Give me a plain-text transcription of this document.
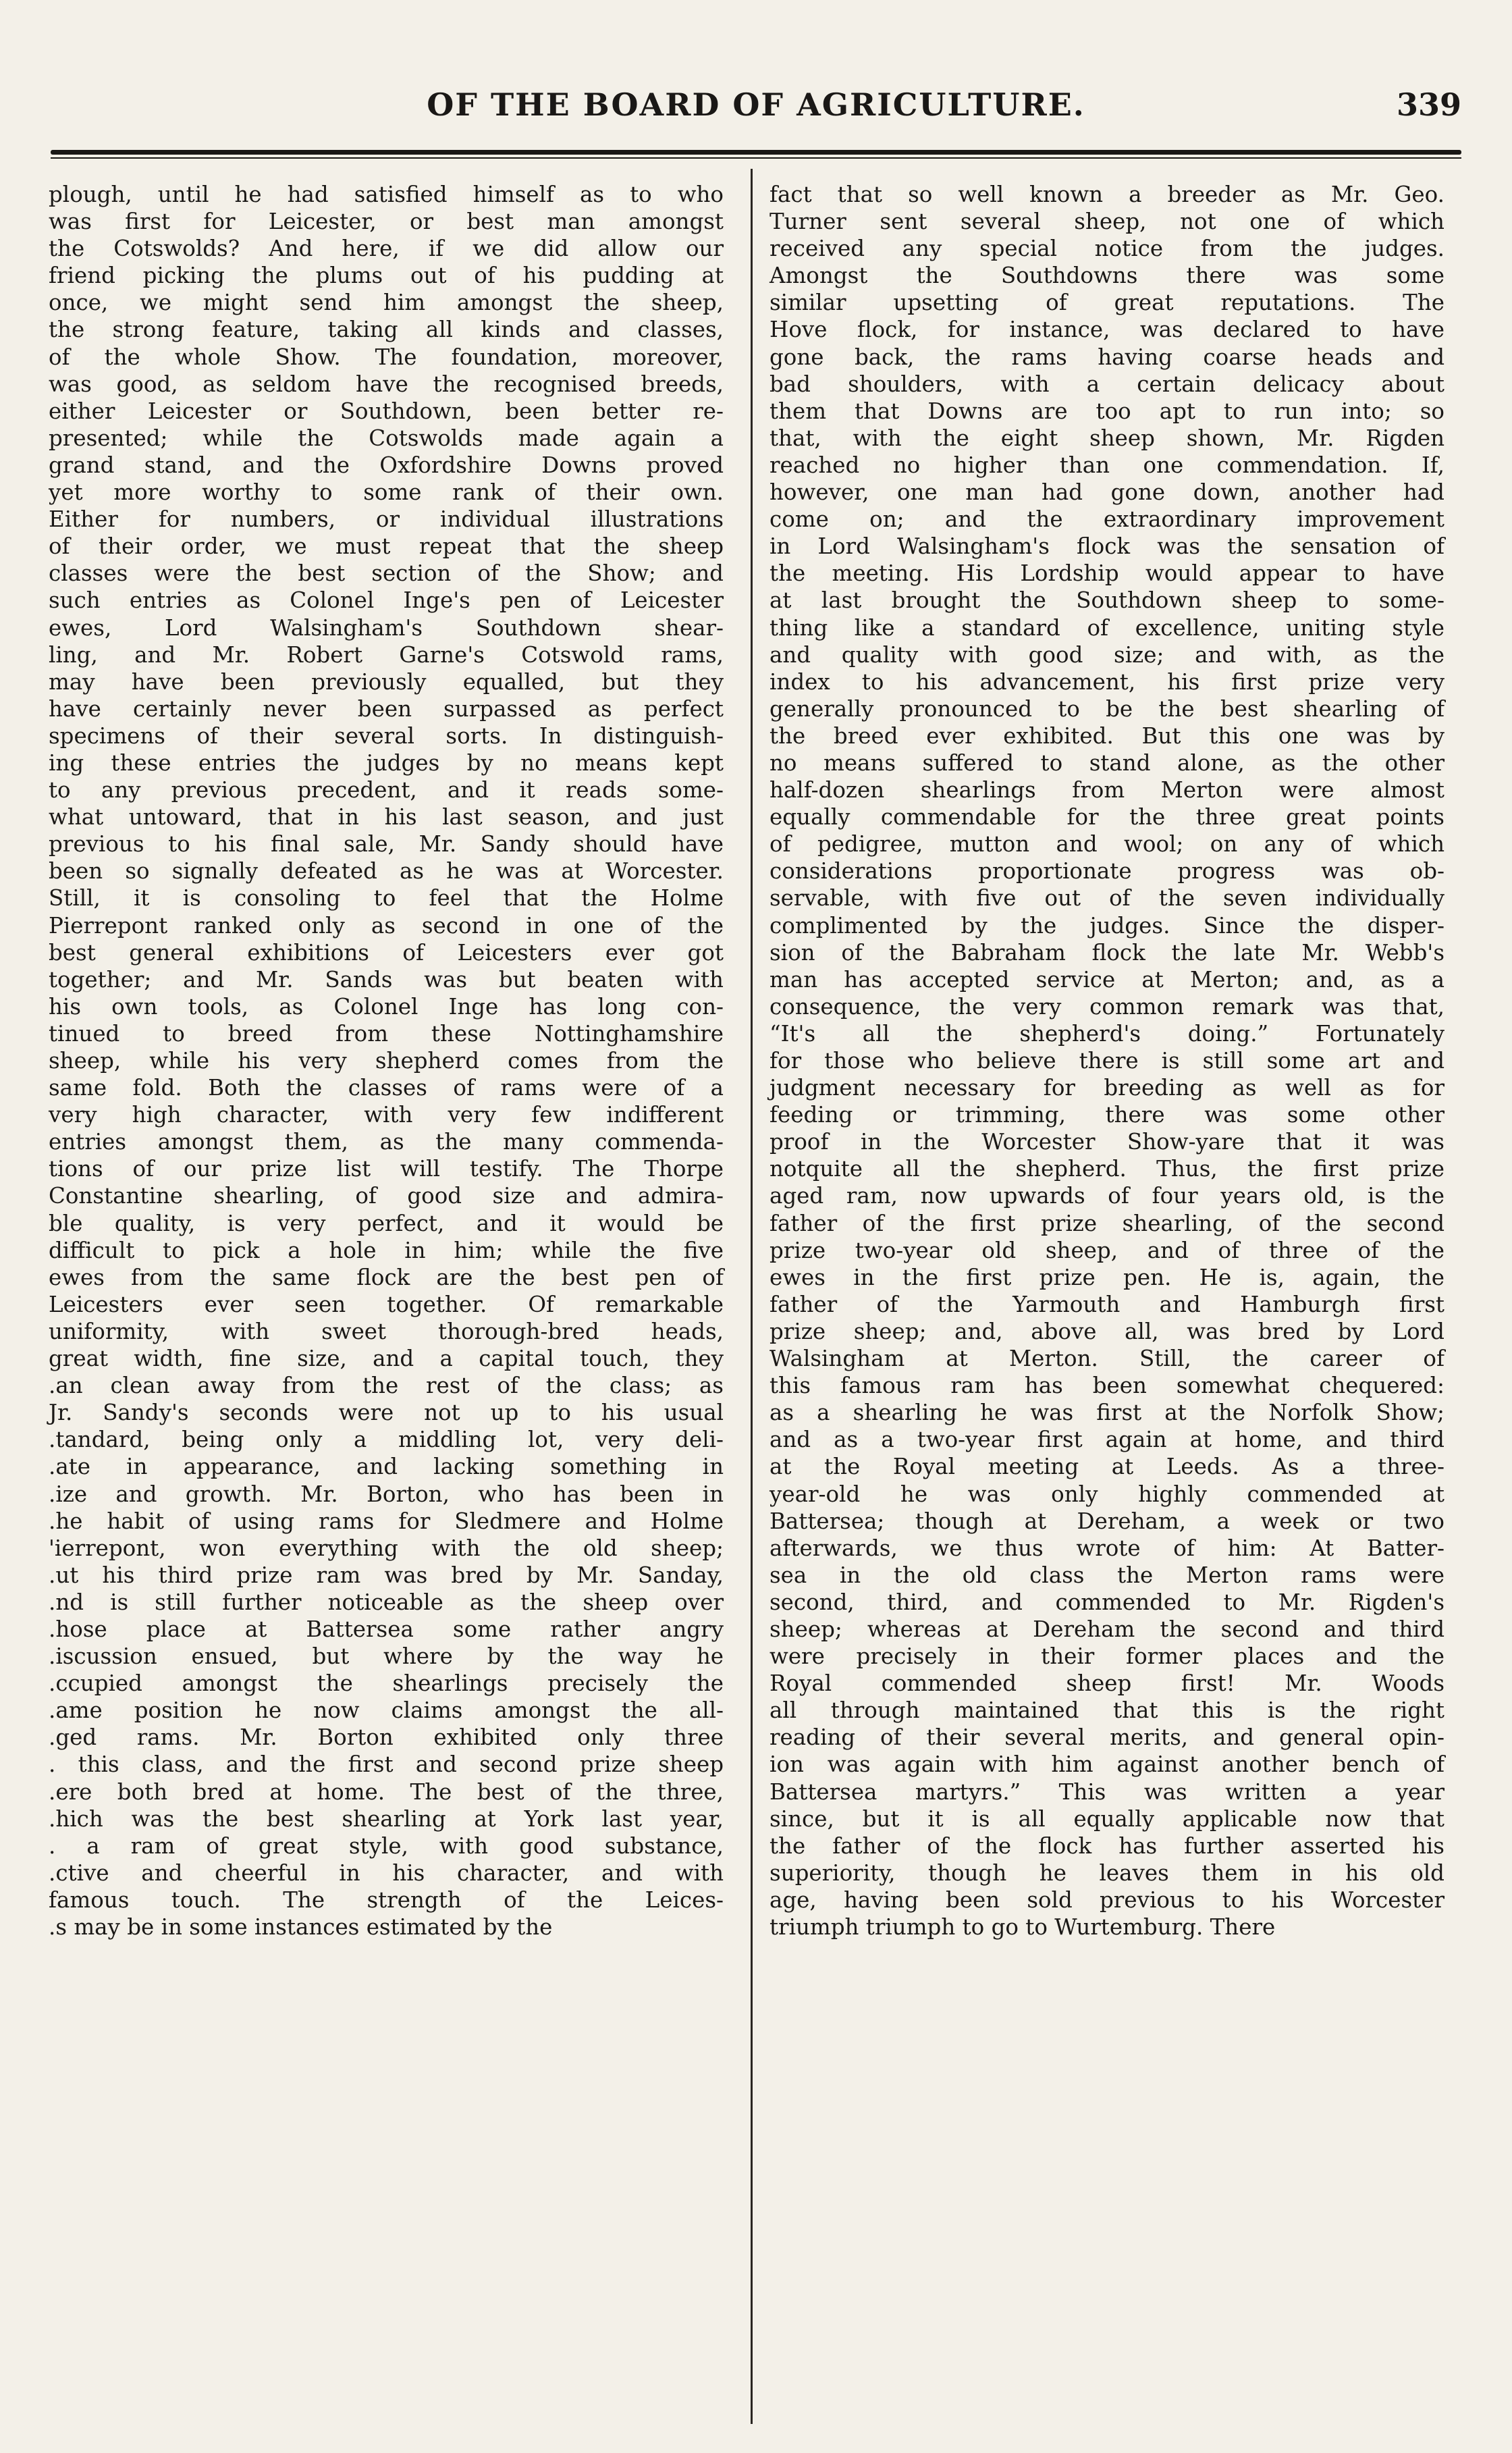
OF THE BOARD OF AGRICULTURE.	339
plough, until he had satisfied himself as to who
was first for Leicester, or best man amongst
the Cotswolds? And here, if we did allow our
friend picking the plums out of his pudding at
once, we might send him amongst the sheep,
the strong feature, taking all kinds and classes,
of the whole Show. The foundation, moreover,
was good, as seldom have the recognised breeds,
either Leicester or Southdown, been better re-
presented; while the Cotswolds made again a
grand stand, and the Oxfordshire Downs proved
yet more worthy to some rank of their own.
Either for numbers, or individual illustrations
of their order, we must repeat that the sheep
classes were the best section of the Show; and
such entries as Colonel Inge's pen of Leicester
ewes, Lord Walsingham's Southdown shear-
ling, and Mr. Robert Garne's Cotswold rams,
may have been previously equalled, but they
have certainly never been surpassed as perfect
specimens of their several sorts. In distinguish-
ing these entries the judges by no means kept
to any previous precedent, and it reads some-
what untoward, that in his last season, and just
previous to his final sale, Mr. Sandy should have
been so signally defeated as he was at Worcester.
Still, it is consoling to feel that the Holme
Pierrepont ranked only as second in one of the
best general exhibitions of Leicesters ever got
together; and Mr. Sands was but beaten with
his own tools, as Colonel Inge has long con-
tinued to breed from these Nottinghamshire
sheep, while his very shepherd comes from the
same fold. Both the classes of rams were of a
very high character, with very few indifferent
entries amongst them, as the many commenda-
tions of our prize list will testify. The Thorpe
Constantine shearling, of good size and admira-
ble quality, is very perfect, and it would be
difficult to pick a hole in him; while the five
ewes from the same flock are the best pen of
Leicesters ever seen together. Of remarkable
uniformity, with sweet thorough-bred heads,
great width, fine size, and a capital touch, they
.an clean away from the rest of the class; as
Jr. Sandy's seconds were not up to his usual
.tandard, being only a middling lot, very deli-
.ate in appearance, and lacking something in
.ize and growth. Mr. Borton, who has been in
.he habit of using rams for Sledmere and Holme
'ierrepont, won everything with the old sheep;
.ut his third prize ram was bred by Mr. Sanday,
.nd is still further noticeable as the sheep over
.hose place at Battersea some rather angry
.iscussion ensued, but where by the way he
.ccupied amongst the shearlings precisely the
.ame position he now claims amongst the all-
.ged rams. Mr. Borton exhibited only three
. this class, and the first and second prize sheep
.ere both bred at home. The best of the three,
.hich was the best shearling at York last year,
. a ram of great style, with good substance,
.ctive and cheerful in his character, and with
famous touch. The strength of the Leices-
.s may be in some instances estimated by the
fact that so well known a breeder as Mr. Geo.
Turner sent several sheep, not one of which
received any special notice from the judges.
Amongst the Southdowns there was some
similar upsetting of great reputations. The
Hove flock, for instance, was declared to have
gone back, the rams having coarse heads and
bad shoulders, with a certain delicacy about
them that Downs are too apt to run into; so
that, with the eight sheep shown, Mr. Rigden
reached no higher than one commendation. If,
however, one man had gone down, another had
come on; and the extraordinary improvement
in Lord Walsingham's flock was the sensation of
the meeting. His Lordship would appear to have
at last brought the Southdown sheep to some-
thing like a standard of excellence, uniting style
and quality with good size; and with, as the
index to his advancement, his first prize very
generally pronounced to be the best shearling of
the breed ever exhibited. But this one was by
no means suffered to stand alone, as the other
half-dozen shearlings from Merton were almost
equally commendable for the three great points
of pedigree, mutton and wool; on any of which
considerations proportionate progress was ob-
servable, with five out of the seven individually
complimented by the judges. Since the disper-
sion of the Babraham flock the late Mr. Webb's
man has accepted service at Merton; and, as a
consequence, the very common remark was that,
“It's all the shepherd's doing.” Fortunately
for those who believe there is still some art and
judgment necessary for breeding as well as for
feeding or trimming, there was some other
proof in the Worcester Show-yare that it was
notquite all the shepherd. Thus, the first prize
aged ram, now upwards of four years old, is the
father of the first prize shearling, of the second
prize two-year old sheep, and of three of the
ewes in the first prize pen. He is, again, the
father of the Yarmouth and Hamburgh first
prize sheep; and, above all, was bred by Lord
Walsingham at Merton. Still, the career of
this famous ram has been somewhat chequered:
as a shearling he was first at the Norfolk Show;
and as a two-year first again at home, and third
at the Royal meeting at Leeds. As a three-
year-old he was only highly commended at
Battersea; though at Dereham, a week or two
afterwards, we thus wrote of him: At Batter-
sea in the old class the Merton rams were
second, third, and commended to Mr. Rigden's
sheep; whereas at Dereham the second and third
were precisely in their former places and the
Royal commended sheep first! Mr. Woods
all through maintained that this is the right
reading of their several merits, and general opin-
ion was again with him against another bench of
Battersea martyrs.” This was written a year
since, but it is all equally applicable now that
the father of the flock has further asserted his
superiority, though he leaves them in his old
age, having been sold previous to his Worcester
triumph triumph to go to Wurtemburg. There
